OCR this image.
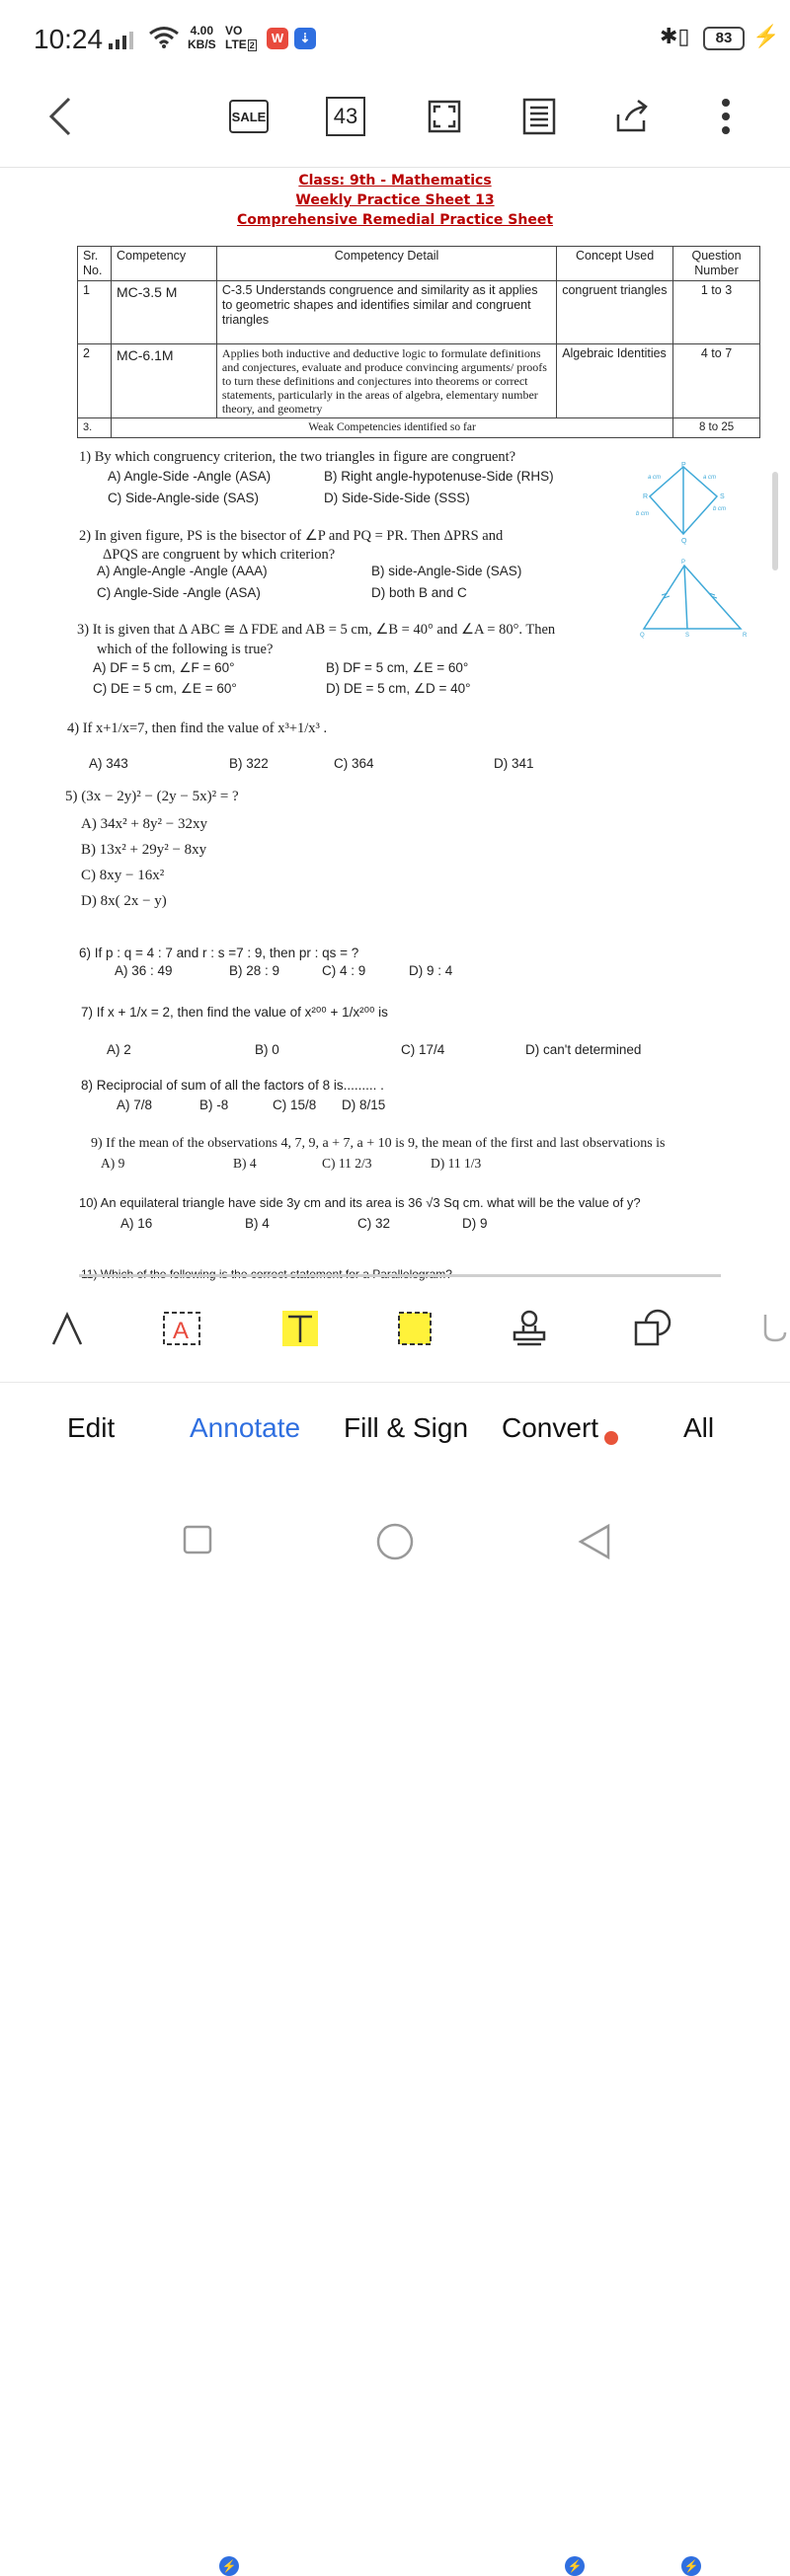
10:24	4.00
KB/S
VO
LTE 2	W	⇣	✱▯	83 ⚡
SALE	43
Class: 9th - Mathematics
Weekly Practice Sheet 13
Comprehensive Remedial Practice Sheet
Sr. No.	Competency	Competency Detail	Concept Used	Question Number
1	MC-3.5 M	C-3.5 Understands congruence and similarity as it applies to geometric shapes and identifies similar and congruent triangles	congruent triangles	1 to 3
2	MC-6.1M	Applies both inductive and deductive logic to formulate definitions and conjectures, evaluate and produce convincing arguments/ proofs to turn these definitions and conjectures into theorems or correct statements, particularly in the areas of algebra, elementary number theory, and geometry	Algebraic Identities	4 to 7
3.	Weak Competencies identified so far			8 to 25
1) By which congruency criterion, the two triangles in figure are congruent?
A) Angle-Side -Angle (ASA)	B) Right angle-hypotenuse-Side (RHS)
C) Side-Angle-side (SAS)	D) Side-Side-Side (SSS)
P
R	S
Q
a cm	a cm
b cm
b cm
2) In given figure, PS is the bisector of ∠P and PQ = PR. Then ΔPRS and
ΔPQS are congruent by which criterion?
A) Angle-Angle -Angle (AAA)	B) side-Angle-Side (SAS)
C) Angle-Side -Angle (ASA)	D) both B and C
P
Q	S	R
3) It is given that Δ ABC ≅ Δ FDE and AB = 5 cm, ∠B = 40° and ∠A = 80°. Then
which of the following is true?
A) DF = 5 cm, ∠F = 60°	B) DF = 5 cm, ∠E = 60°
C) DE = 5 cm, ∠E = 60°	D) DE = 5 cm, ∠D = 40°
4) If x+1/x=7, then find the value of x³+1/x³ .
A) 343	B) 322	C) 364	D) 341
5) (3x − 2y)² − (2y − 5x)² = ?
A) 34x² + 8y² − 32xy
B) 13x² + 29y² − 8xy
C) 8xy − 16x²
D) 8x( 2x − y)
6) If p : q = 4 : 7 and r : s =7 : 9, then pr : qs = ?
A) 36 : 49	B) 28 : 9	C) 4 : 9	D) 9 : 4
7) If x + 1/x = 2, then find the value of x²⁰⁰ + 1/x²⁰⁰ is
A) 2	B) 0	C) 17/4	D) can't determined
8) Reciprocial of sum of all the factors of 8 is......... .
A) 7/8	B) -8	C) 15/8 D) 8/15
9) If the mean of the observations 4, 7, 9, a + 7, a + 10 is 9, the mean of the first and last observations is
A) 9	B) 4	C) 11 2/3	D) 11 1/3
10) An equilateral triangle have side 3y cm and its area is 36 √3 Sq cm. what will be the value of y?
A) 16	B) 4	C) 32	D) 9
A
⚡	⚡	⚡
Edit	Annotate Fill & Sign Convert	All
